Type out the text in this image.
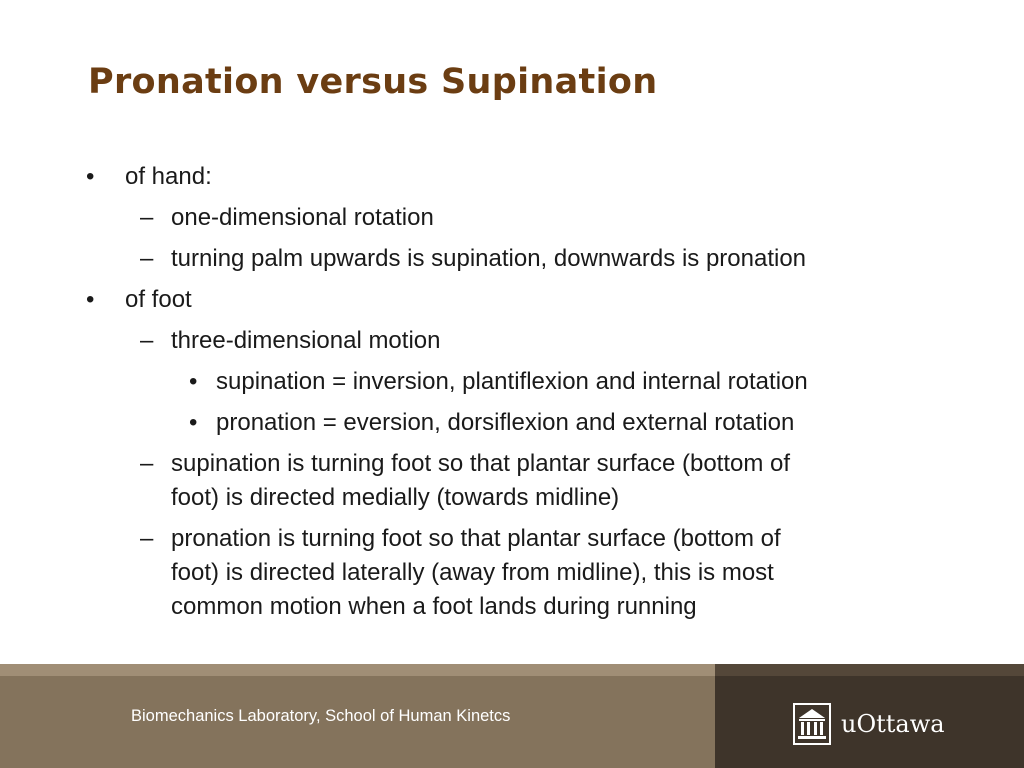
Pronation versus Supination
• of hand:
– one-dimensional rotation
– turning palm upwards is supination, downwards is pronation
• of foot
– three-dimensional motion
• supination = inversion, plantiflexion and internal rotation
• pronation = eversion, dorsiflexion and external rotation
– supination is turning foot so that plantar surface (bottom of
foot) is directed medially (towards midline)
– pronation is turning foot so that plantar surface (bottom of
foot) is directed laterally (away from midline), this is most
common motion when a foot lands during running
Biomechanics Laboratory, School of Human Kinetcs	uOttawa
